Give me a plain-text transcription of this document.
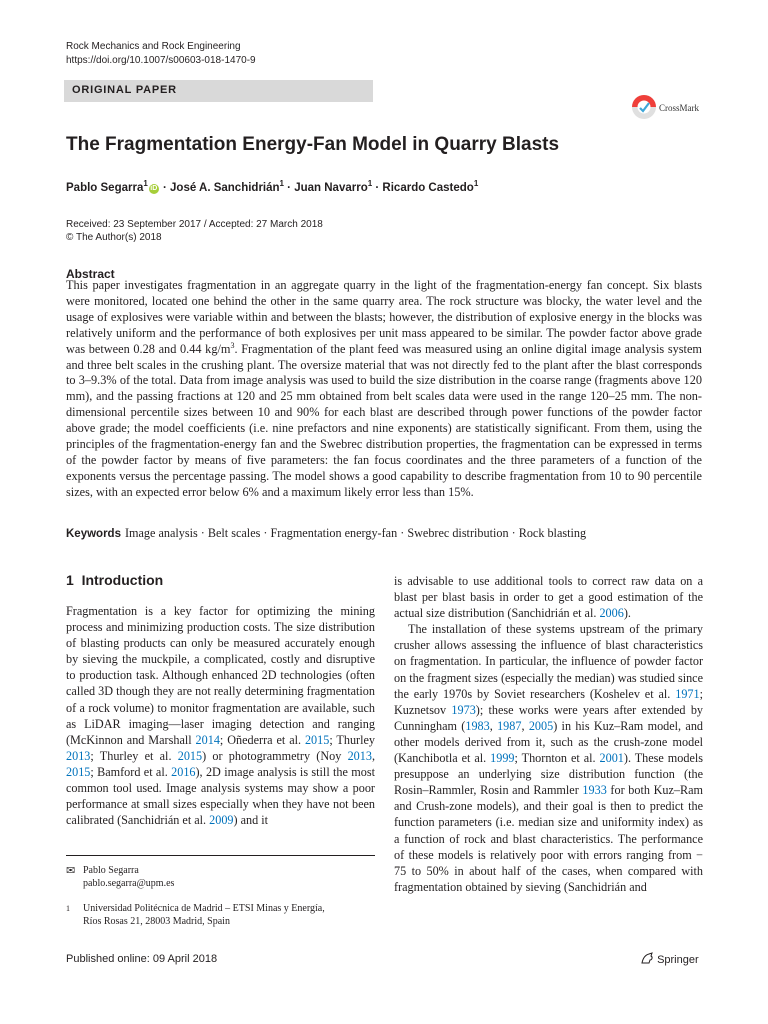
Rock Mechanics and Rock Engineering
https://doi.org/10.1007/s00603-018-1470-9
ORIGINAL PAPER
CrossMark
The Fragmentation Energy-Fan Model in Quarry Blasts
Pablo Segarra$^1$iD · José A. Sanchidrián$^1$ · Juan Navarro$^1$ · Ricardo Castedo$^1$
Received: 23 September 2017 / Accepted: 27 March 2018
© The Author(s) 2018
Abstract
This paper investigates fragmentation in an aggregate quarry in the light of the fragmentation-energy fan concept. Six blasts were monitored, located one behind the other in the same quarry area. The rock structure was blocky, the water level and the usage of explosives were variable within and between the blasts; however, the distribution of explosive energy in the blocks was relatively uniform and the performance of both explosives per unit mass appeared to be similar. The powder factor above grade was between 0.28 and 0.44 $kg/m^3$. Fragmentation of the plant feed was measured using an online digital image analysis system and three belt scales in the crushing plant. The oversize material that was not directly fed to the plant after the blast corresponds to 3–9.3% of the total. Data from image analysis was used to build the size distribution in the coarse range (fragments above 120 mm), and the passing fractions at 120 and 25 mm obtained from belt scales data were used in the range 120–25 mm. The non-dimensional percentile sizes between 10 and 90% for each blast are described through power functions of the powder factor above grade; the model coefficients (i.e. nine prefactors and nine exponents) are statistically significant. From them, using the principles of the fragmentation-energy fan and the Swebrec distribution properties, the fragmentation can be expressed in terms of the powder factor by means of five parameters: the fan focus coordinates and the three parameters of a function of the exponents versus the percentage passing. The model shows a good capability to describe fragmentation from 10 to 90 percentile sizes, with an expected error below 6% and a maximum likely error less than 15%.
Keywords Image analysis · Belt scales · Fragmentation energy-fan · Swebrec distribution · Rock blasting
1 Introduction

Fragmentation is a key factor for optimizing the mining process and minimizing production costs. The size distribution of blasting products can only be measured accurately enough by sieving the muckpile, a complicated, costly and disruptive to production task. Although enhanced 2D technologies (often called 3D though they are not really determining fragmentation of a rock volume) to monitor fragmentation are available, such as LiDAR imaging—laser imaging detection and ranging (McKinnon and Marshall 2014; Oñederra et al. 2015; Thurley 2013; Thurley et al. 2015) or photogrammetry (Noy 2013, 2015; Bamford et al. 2016), 2D image analysis is still the most common tool used. Image analysis systems may show a poor performance at small sizes especially when they have not been calibrated (Sanchidrián et al. 2009) and it

is advisable to use additional tools to correct raw data on a blast per blast basis in order to get a good estimation of the actual size distribution (Sanchidrián et al. 2006).

The installation of these systems upstream of the primary crusher allows assessing the influence of blast characteristics on fragmentation. In particular, the influence of powder factor on the fragment sizes (especially the median) was studied since the early 1970s by Soviet researchers (Koshelev et al. 1971; Kuznetsov 1973); these works were years after extended by Cunningham (1983, 1987, 2005) in his Kuz–Ram model, and other models derived from it, such as the crush-zone model (Kanchibotla et al. 1999; Thornton et al. 2001). These models presuppose an underlying size distribution function (the Rosin–Rammler, Rosin and Rammler 1933 for both Kuz–Ram and Crush-zone models), and their goal is then to predict the function parameters (i.e. median size and uniformity index) as a function of rock and blast characteristics. The performance of these models is relatively poor with errors ranging from − 75 to 50% in about half of the cases, when compared with fragmentation obtained by sieving (Sanchidrián and

✉ Pablo Segarra
pablo.segarra@upm.es
1 Universidad Politécnica de Madrid – ETSI Minas y Energía,
Ríos Rosas 21, 28003 Madrid, Spain
Published online: 09 April 2018	Springer
